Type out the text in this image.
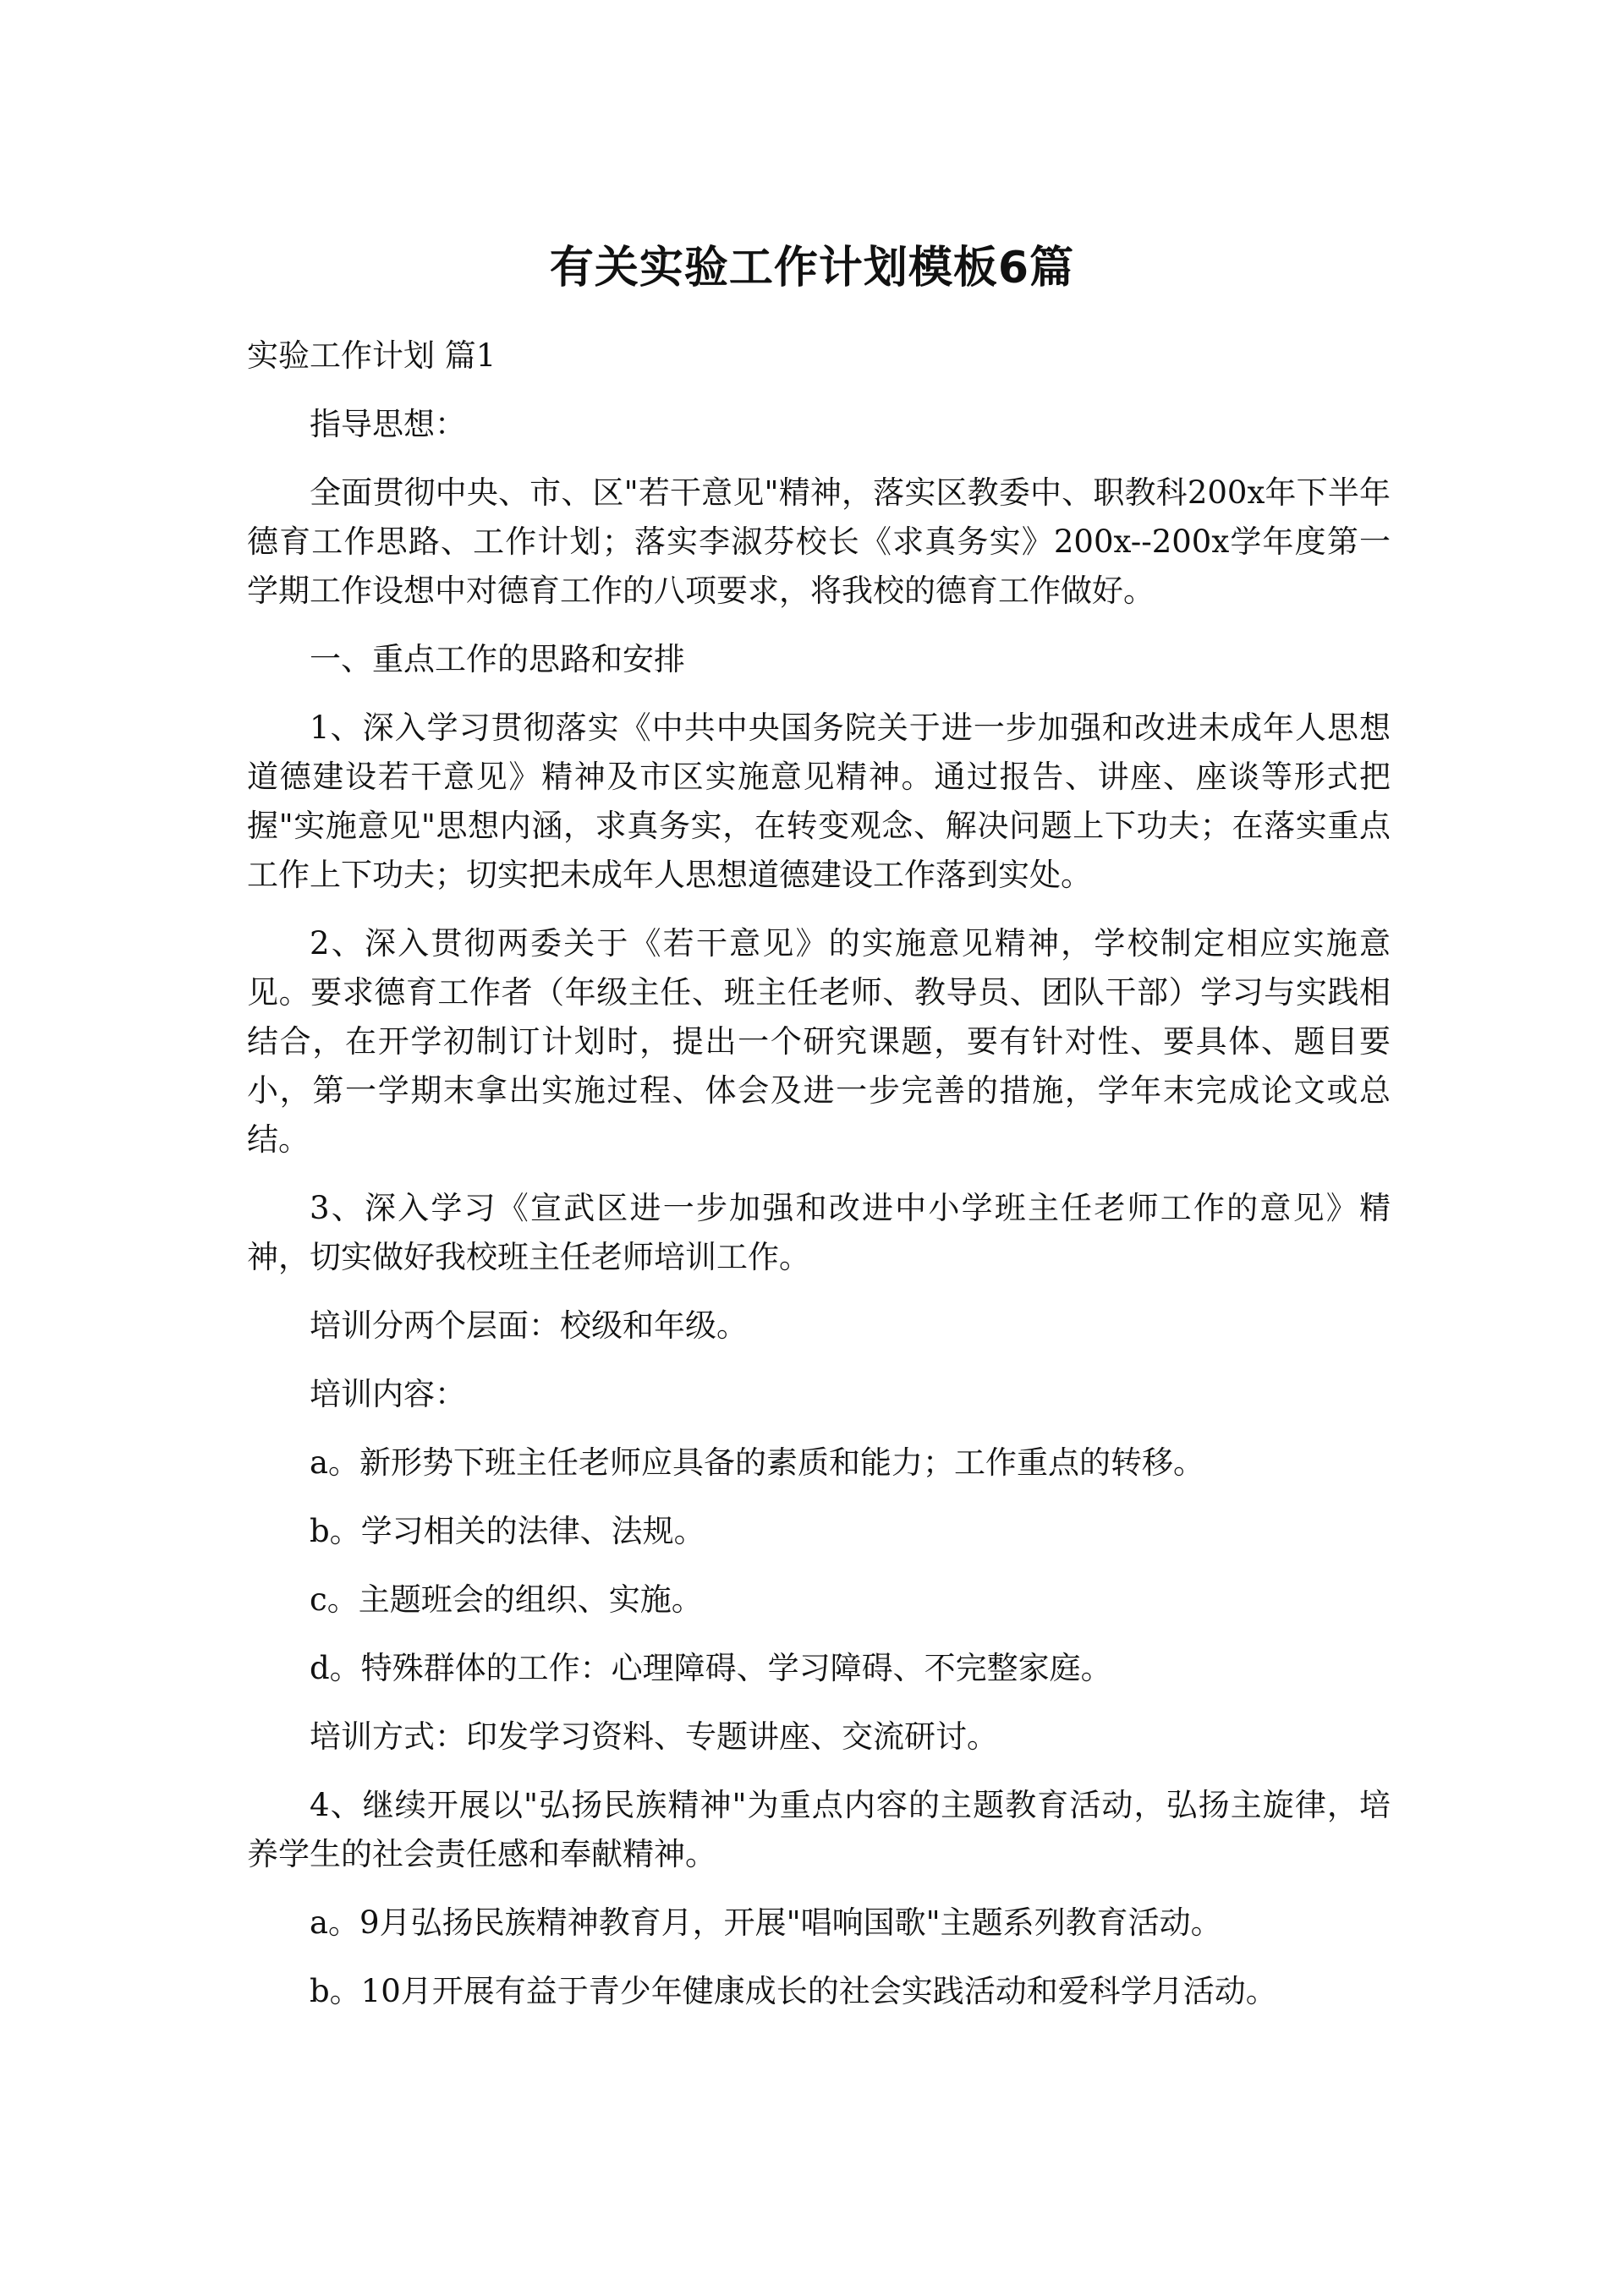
有关实验工作计划模板6篇
实验工作计划 篇1

指导思想：

全面贯彻中央、市、区"若干意见"精神，落实区教委中、职教科200x年下半年德育工作思路、工作计划；落实李淑芬校长《求真务实》200x--200x学年度第一学期工作设想中对德育工作的八项要求，将我校的德育工作做好。

一、重点工作的思路和安排

1、深入学习贯彻落实《中共中央国务院关于进一步加强和改进未成年人思想道德建设若干意见》精神及市区实施意见精神。通过报告、讲座、座谈等形式把握"实施意见"思想内涵，求真务实，在转变观念、解决问题上下功夫；在落实重点工作上下功夫；切实把未成年人思想道德建设工作落到实处。

2、深入贯彻两委关于《若干意见》的实施意见精神，学校制定相应实施意见。要求德育工作者（年级主任、班主任老师、教导员、团队干部）学习与实践相结合，在开学初制订计划时，提出一个研究课题，要有针对性、要具体、题目要小，第一学期末拿出实施过程、体会及进一步完善的措施，学年末完成论文或总结。

3、深入学习《宣武区进一步加强和改进中小学班主任老师工作的意见》精神，切实做好我校班主任老师培训工作。

培训分两个层面：校级和年级。

培训内容：

a。新形势下班主任老师应具备的素质和能力；工作重点的转移。

b。学习相关的法律、法规。

c。主题班会的组织、实施。

d。特殊群体的工作：心理障碍、学习障碍、不完整家庭。

培训方式：印发学习资料、专题讲座、交流研讨。

4、继续开展以"弘扬民族精神"为重点内容的主题教育活动，弘扬主旋律，培养学生的社会责任感和奉献精神。

a。9月弘扬民族精神教育月，开展"唱响国歌"主题系列教育活动。

b。10月开展有益于青少年健康成长的社会实践活动和爱科学月活动。
